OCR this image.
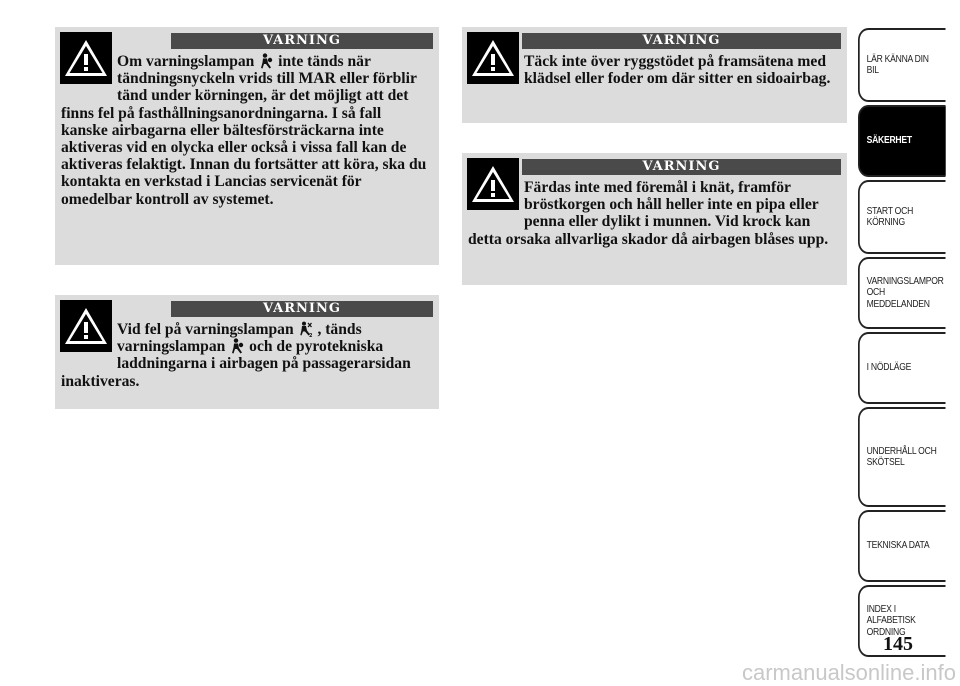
VARNING
Om varningslampan inte tänds när tändningsnyckeln vrids till MAR eller förblir tänd under körningen, är det möjligt att det finns fel på fasthållningsanordningarna. I så fall kanske airbagarna eller bältesförsträckarna inte aktiveras vid en olycka eller också i vissa fall kan de aktiveras felaktigt. Innan du fortsätter att köra, ska du kontakta en verkstad i Lancias servicenät för omedelbar kontroll av systemet.
VARNING
Vid fel på varningslampan	2 , tänds varningslampan och de pyrotekniska laddningarna i airbagen på passagerarsidan inaktiveras.
VARNING
Täck inte över ryggstödet på framsätena med klädsel eller foder om där sitter en sidoairbag.
VARNING
Färdas inte med föremål i knät, framför bröstkorgen och håll heller inte en pipa eller penna eller dylikt i munnen. Vid krock kan detta orsaka allvarliga skador då airbagen blåses upp.
LÄR KÄNNA DIN BIL
SÄKERHET
START OCH KÖRNING
VARNINGSLAMPOR OCH MEDDELANDEN
I NÖDLÄGE
UNDERHÅLL OCH SKÖTSEL
TEKNISKA DATA
INDEX I ALFABETISK ORDNING
145
carmanualsonline.info
